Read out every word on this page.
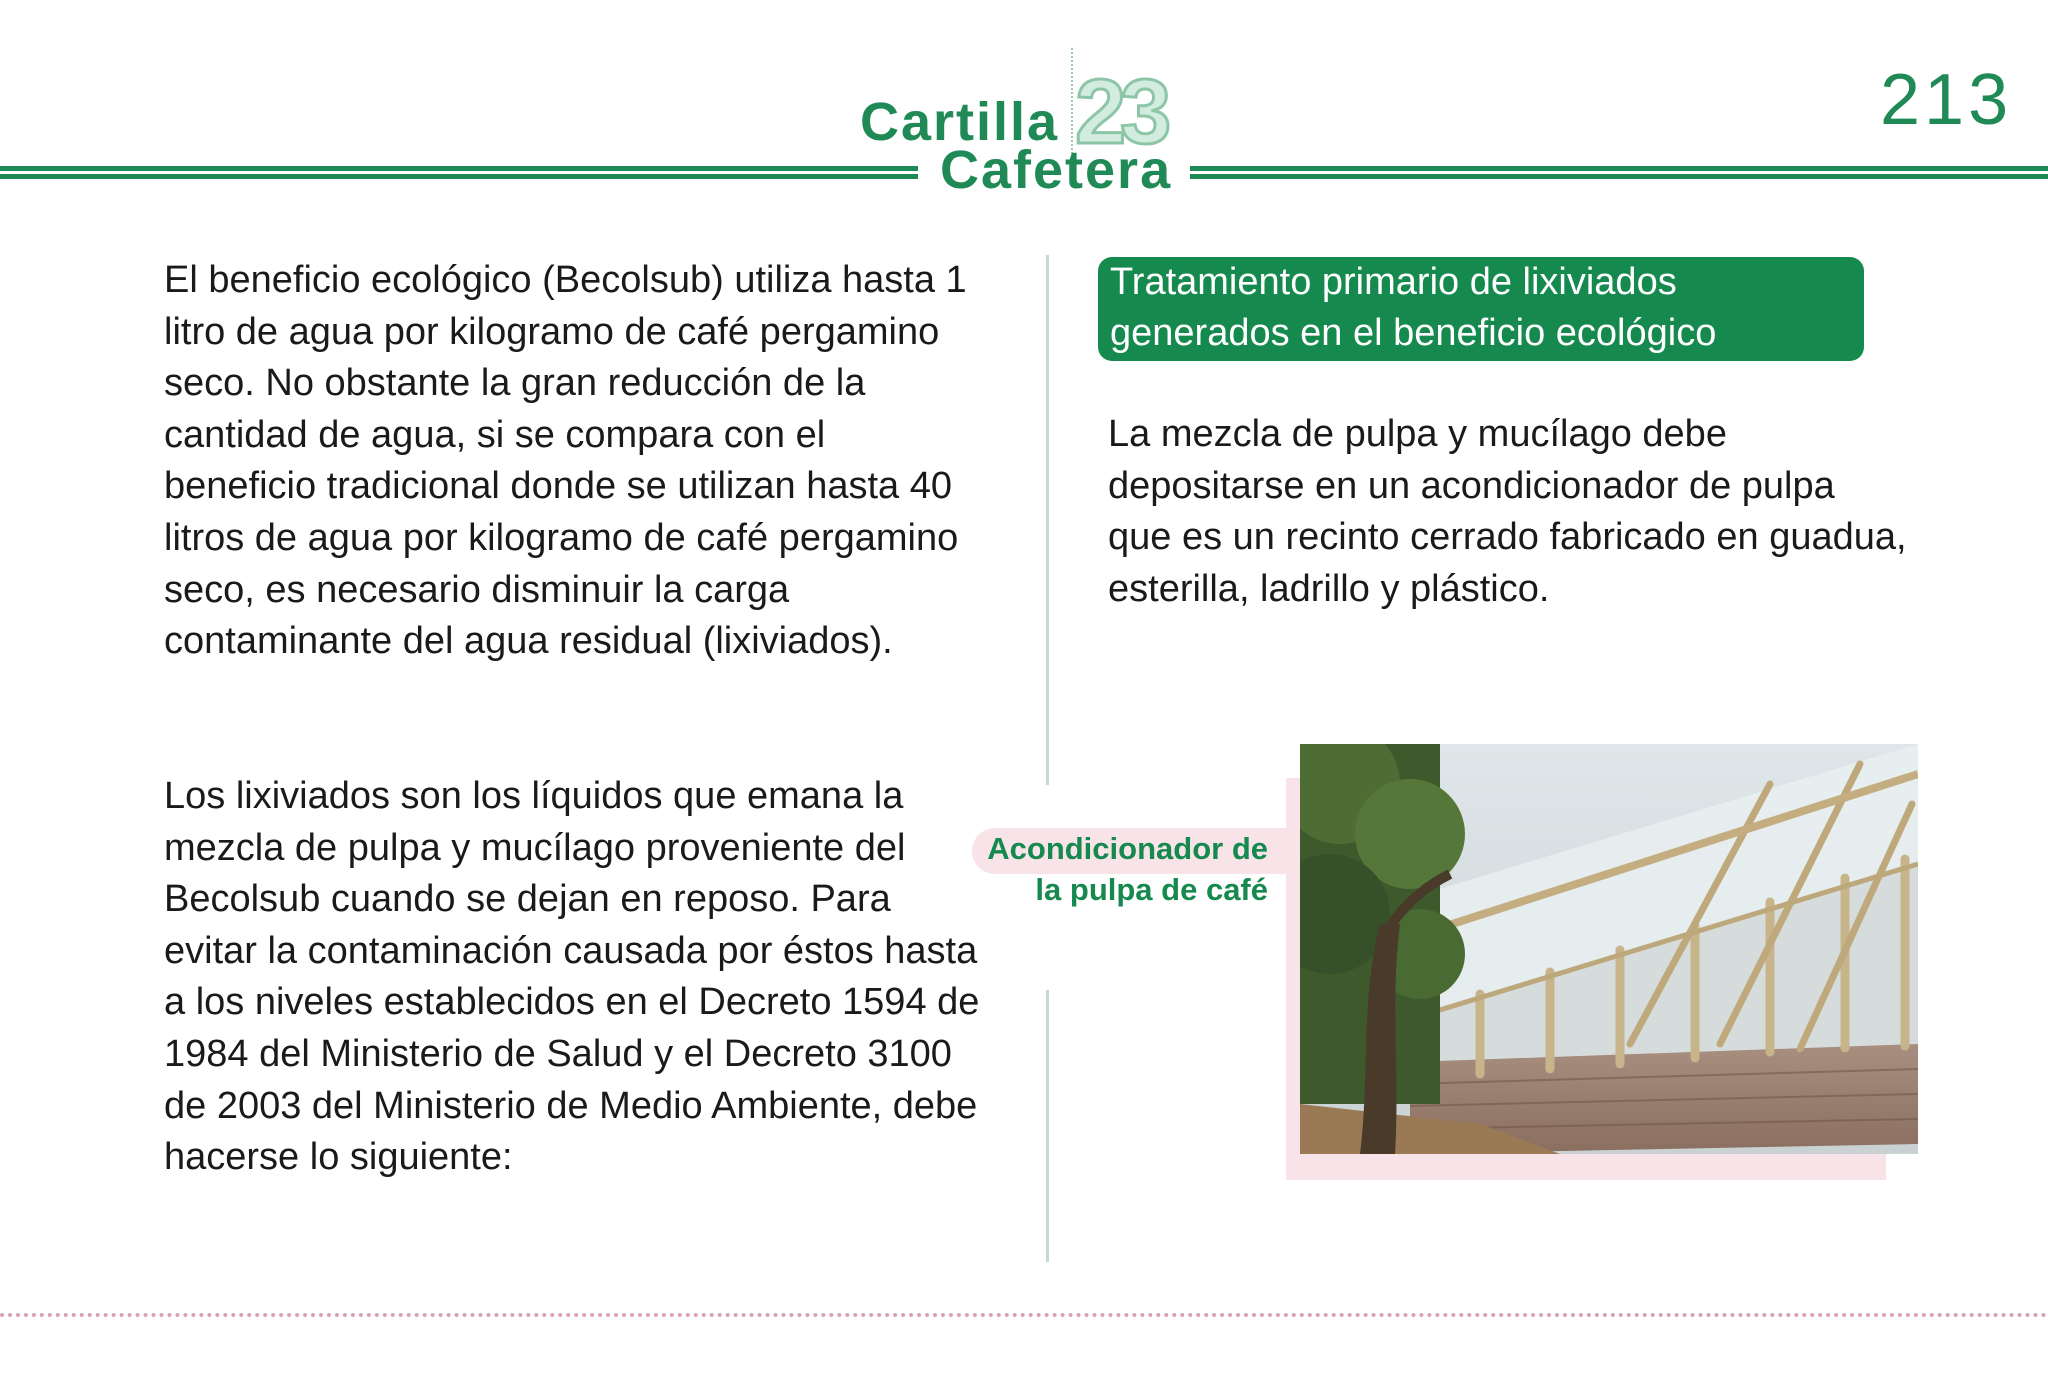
Cartilla 23
Cafetera
213

El beneficio ecológico (Becolsub) utiliza hasta 1 litro de agua por kilogramo de café pergamino seco. No obstante la gran reducción de la cantidad de agua, si se compara con el beneficio tradicional donde se utilizan hasta 40 litros de agua por kilogramo de café pergamino seco, es necesario disminuir la carga contaminante del agua residual (lixiviados).

Los lixiviados son los líquidos que emana la mezcla de pulpa y mucílago proveniente del Becolsub cuando se dejan en reposo. Para evitar la contaminación causada por éstos hasta a los niveles establecidos en el Decreto 1594 de 1984 del Ministerio de Salud y el Decreto 3100 de 2003 del Ministerio de Medio Ambiente, debe hacerse lo siguiente:

Tratamiento primario de lixiviados generados en el beneficio ecológico

La mezcla de pulpa y mucílago debe depositarse en un acondicionador de pulpa que es un recinto cerrado fabricado en guadua, esterilla, ladrillo y plástico.

Acondicionador de la pulpa de café
